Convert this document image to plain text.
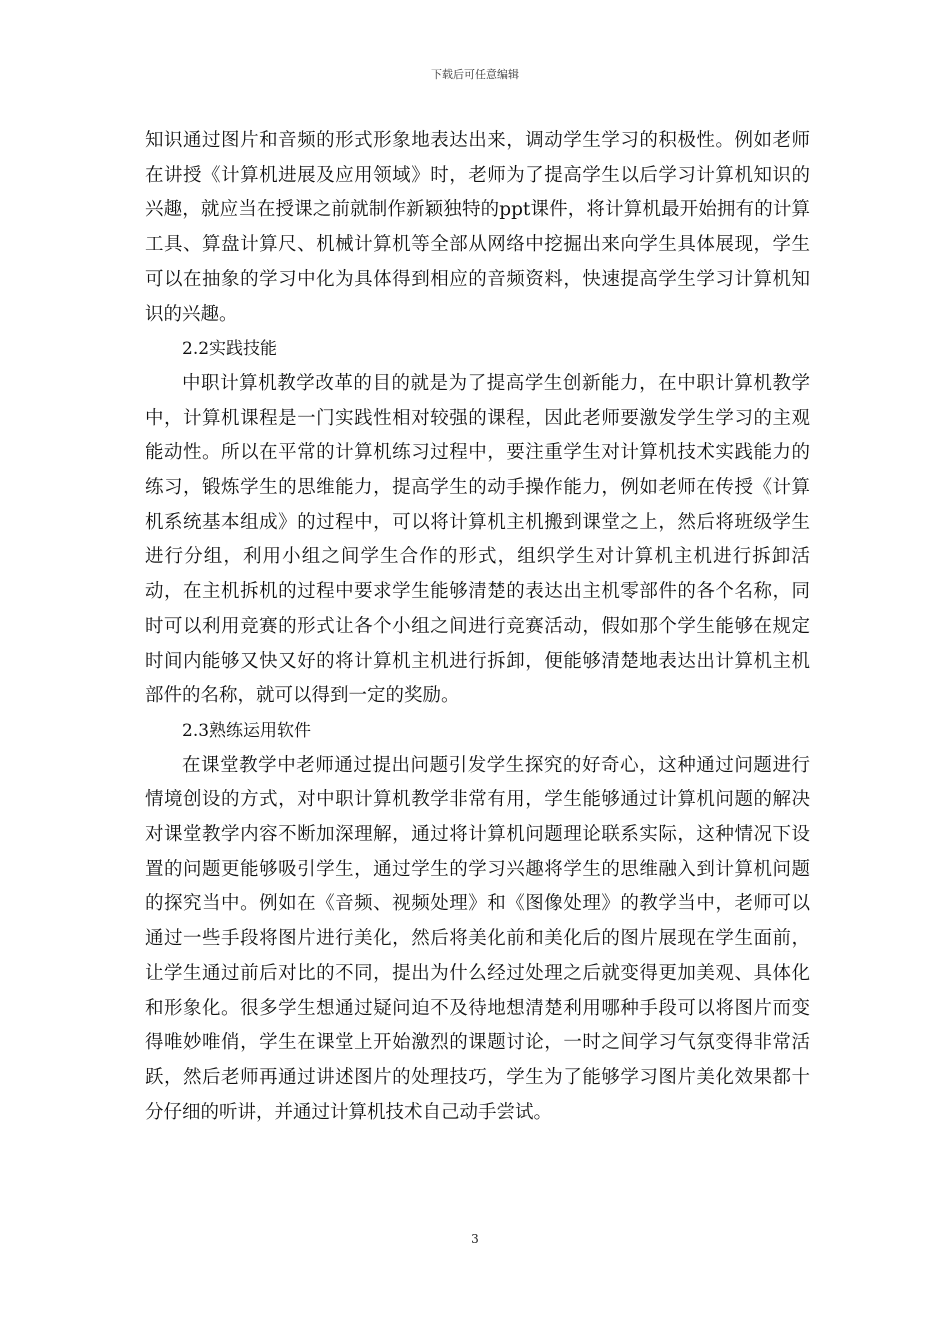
下载后可任意编辑

知识通过图片和音频的形式形象地表达出来，调动学生学习的积极性。例如老师在讲授《计算机进展及应用领域》时，老师为了提高学生以后学习计算机知识的兴趣，就应当在授课之前就制作新颖独特的ppt课件，将计算机最开始拥有的计算工具、算盘计算尺、机械计算机等全部从网络中挖掘出来向学生具体展现，学生可以在抽象的学习中化为具体得到相应的音频资料，快速提高学生学习计算机知识的兴趣。

2.2实践技能

中职计算机教学改革的目的就是为了提高学生创新能力，在中职计算机教学中，计算机课程是一门实践性相对较强的课程，因此老师要激发学生学习的主观能动性。所以在平常的计算机练习过程中，要注重学生对计算机技术实践能力的练习，锻炼学生的思维能力，提高学生的动手操作能力，例如老师在传授《计算机系统基本组成》的过程中，可以将计算机主机搬到课堂之上，然后将班级学生进行分组，利用小组之间学生合作的形式，组织学生对计算机主机进行拆卸活动，在主机拆机的过程中要求学生能够清楚的表达出主机零部件的各个名称，同时可以利用竞赛的形式让各个小组之间进行竞赛活动，假如那个学生能够在规定时间内能够又快又好的将计算机主机进行拆卸，便能够清楚地表达出计算机主机部件的名称，就可以得到一定的奖励。

2.3熟练运用软件

在课堂教学中老师通过提出问题引发学生探究的好奇心，这种通过问题进行情境创设的方式，对中职计算机教学非常有用，学生能够通过计算机问题的解决对课堂教学内容不断加深理解，通过将计算机问题理论联系实际，这种情况下设置的问题更能够吸引学生，通过学生的学习兴趣将学生的思维融入到计算机问题的探究当中。例如在《音频、视频处理》和《图像处理》的教学当中，老师可以通过一些手段将图片进行美化，然后将美化前和美化后的图片展现在学生面前，让学生通过前后对比的不同，提出为什么经过处理之后就变得更加美观、具体化和形象化。很多学生想通过疑问迫不及待地想清楚利用哪种手段可以将图片而变得唯妙唯俏，学生在课堂上开始激烈的课题讨论，一时之间学习气氛变得非常活跃，然后老师再通过讲述图片的处理技巧，学生为了能够学习图片美化效果都十分仔细的听讲，并通过计算机技术自己动手尝试。

3
